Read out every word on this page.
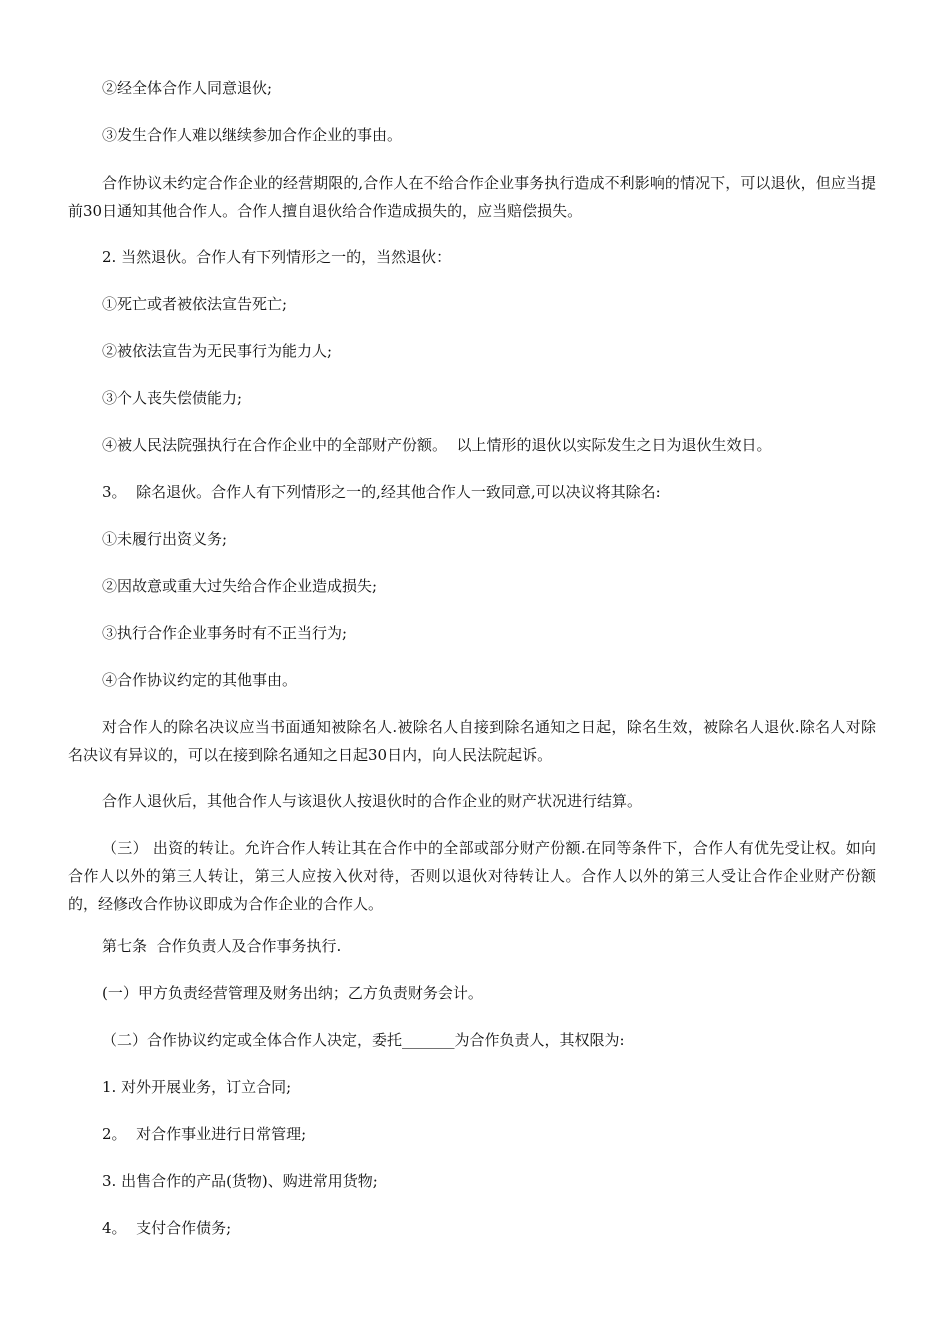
②经全体合作人同意退伙;

③发生合作人难以继续参加合作企业的事由。

合作协议未约定合作企业的经营期限的,合作人在不给合作企业事务执行造成不利影响的情况下，可以退伙，但应当提前30日通知其他合作人。合作人擅自退伙给合作造成损失的，应当赔偿损失。

2. 当然退伙。合作人有下列情形之一的，当然退伙：

①死亡或者被依法宣告死亡;

②被依法宣告为无民事行为能力人;

③个人丧失偿债能力;

④被人民法院强执行在合作企业中的全部财产份额。  以上情形的退伙以实际发生之日为退伙生效日。

3。  除名退伙。合作人有下列情形之一的,经其他合作人一致同意,可以决议将其除名:

①未履行出资义务;

②因故意或重大过失给合作企业造成损失;

③执行合作企业事务时有不正当行为;

④合作协议约定的其他事由。

对合作人的除名决议应当书面通知被除名人.被除名人自接到除名通知之日起，除名生效，被除名人退伙.除名人对除名决议有异议的，可以在接到除名通知之日起30日内，向人民法院起诉。

合作人退伙后，其他合作人与该退伙人按退伙时的合作企业的财产状况进行结算。

（三） 出资的转让。允许合作人转让其在合作中的全部或部分财产份额.在同等条件下，合作人有优先受让权。如向合作人以外的第三人转让，第三人应按入伙对待，否则以退伙对待转让人。合作人以外的第三人受让合作企业财产份额的，经修改合作协议即成为合作企业的合作人。

第七条  合作负责人及合作事务执行.

(一）甲方负责经营管理及财务出纳；乙方负责财务会计。

（二）合作协议约定或全体合作人决定，委托_______为合作负责人，其权限为:

1. 对外开展业务，订立合同;

2。  对合作事业进行日常管理;

3. 出售合作的产品(货物)、购进常用货物;

4。  支付合作债务;
